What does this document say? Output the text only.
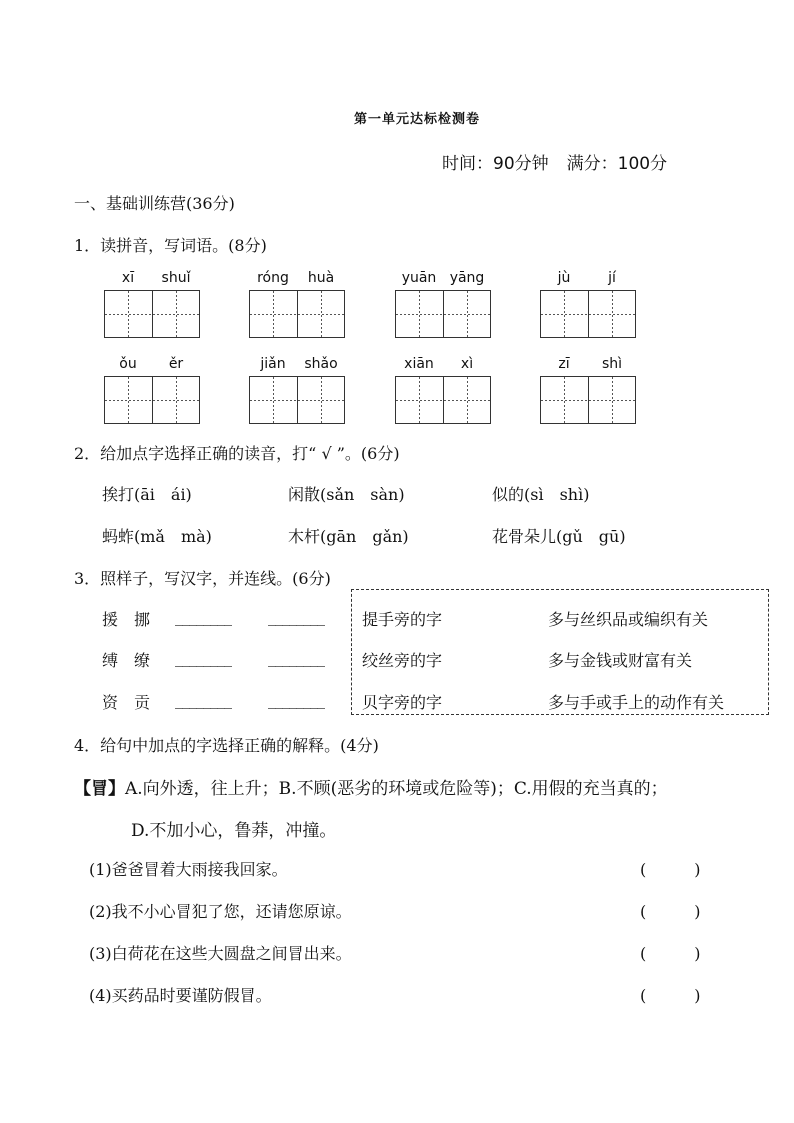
第一单元达标检测卷
时间：90分钟 满分：100分
一、基础训练营(36分)
1．读拼音，写词语。(8分)
xī	shuǐ	róng	huà	yuān yāng	jù	jí
ǒu	ěr	jiǎn	shǎo	xiān	xì	zī	shì
2．给加点字选择正确的读音，打“ √ ”。(6分)
挨打(āi　ái)	闲散(sǎn　sàn)	似的(sì　shì)
蚂蚱(mǎ　mà)	木杆(gān　gǎn)	花骨朵儿(gǔ　gū)
3．照样子，写汉字，并连线。(6分)
援　挪 ________ ________ 提手旁的字	多与丝织品或编织有关
缚　缭 ________ ________ 绞丝旁的字	多与金钱或财富有关
资　贡 ________ ________ 贝字旁的字	多与手或手上的动作有关
4．给句中加点的字选择正确的解释。(4分)
【冒】A.向外透，往上升；B.不顾(恶劣的环境或危险等)；C.用假的充当真的；
D.不加小心，鲁莽，冲撞。
(1)爸爸冒着大雨接我回家。	(　　　)
(2)我不小心冒犯了您，还请您原谅。	(　　　)
(3)白荷花在这些大圆盘之间冒出来。	(　　　)
(4)买药品时要谨防假冒。	(　　　)
